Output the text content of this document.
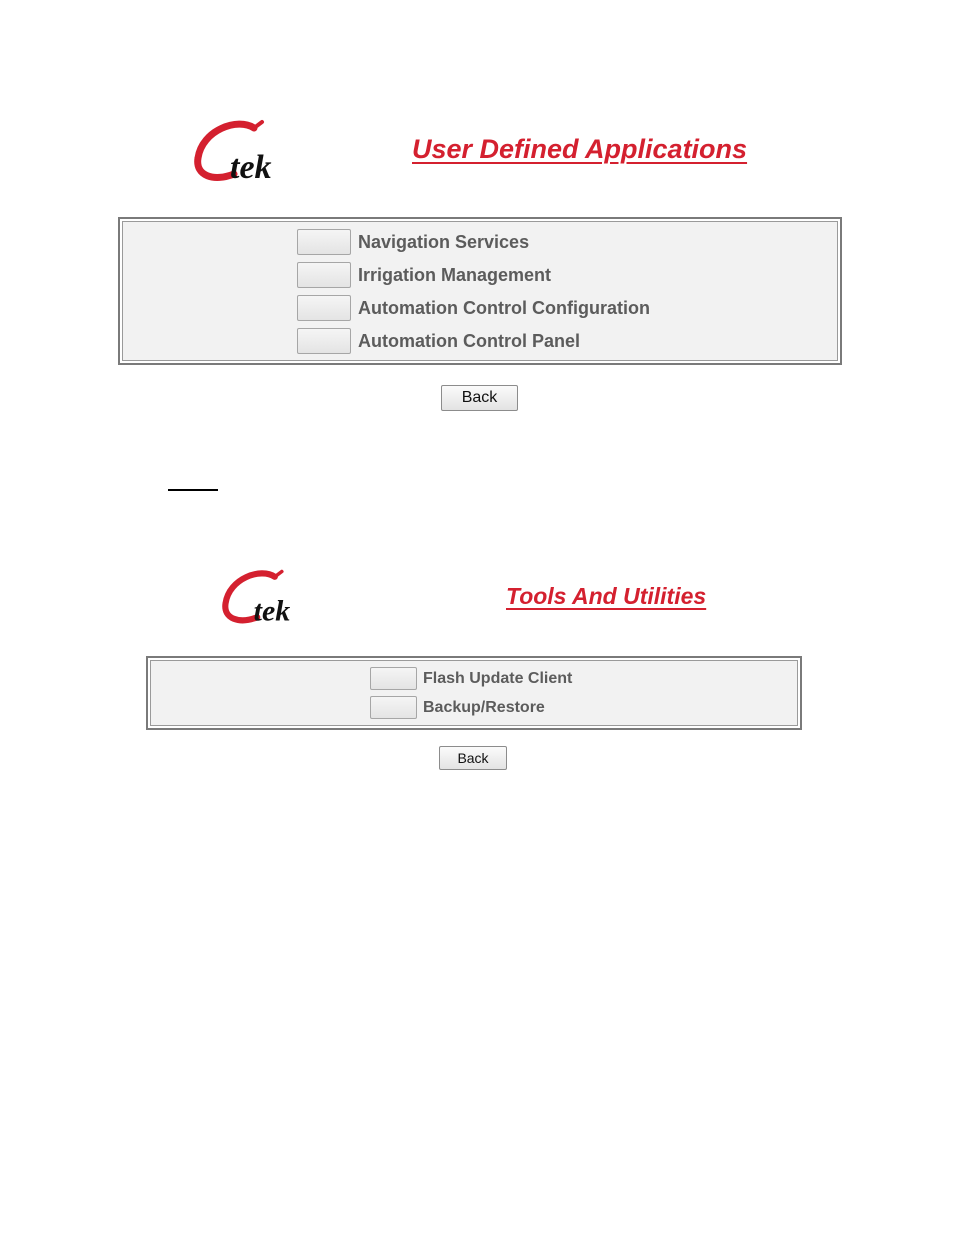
tek	User Defined Applications
Navigation Services
Irrigation Management
Automation Control Configuration
Automation Control Panel
Back
tek	Tools And Utilities
Flash Update Client
Backup/Restore
Back
